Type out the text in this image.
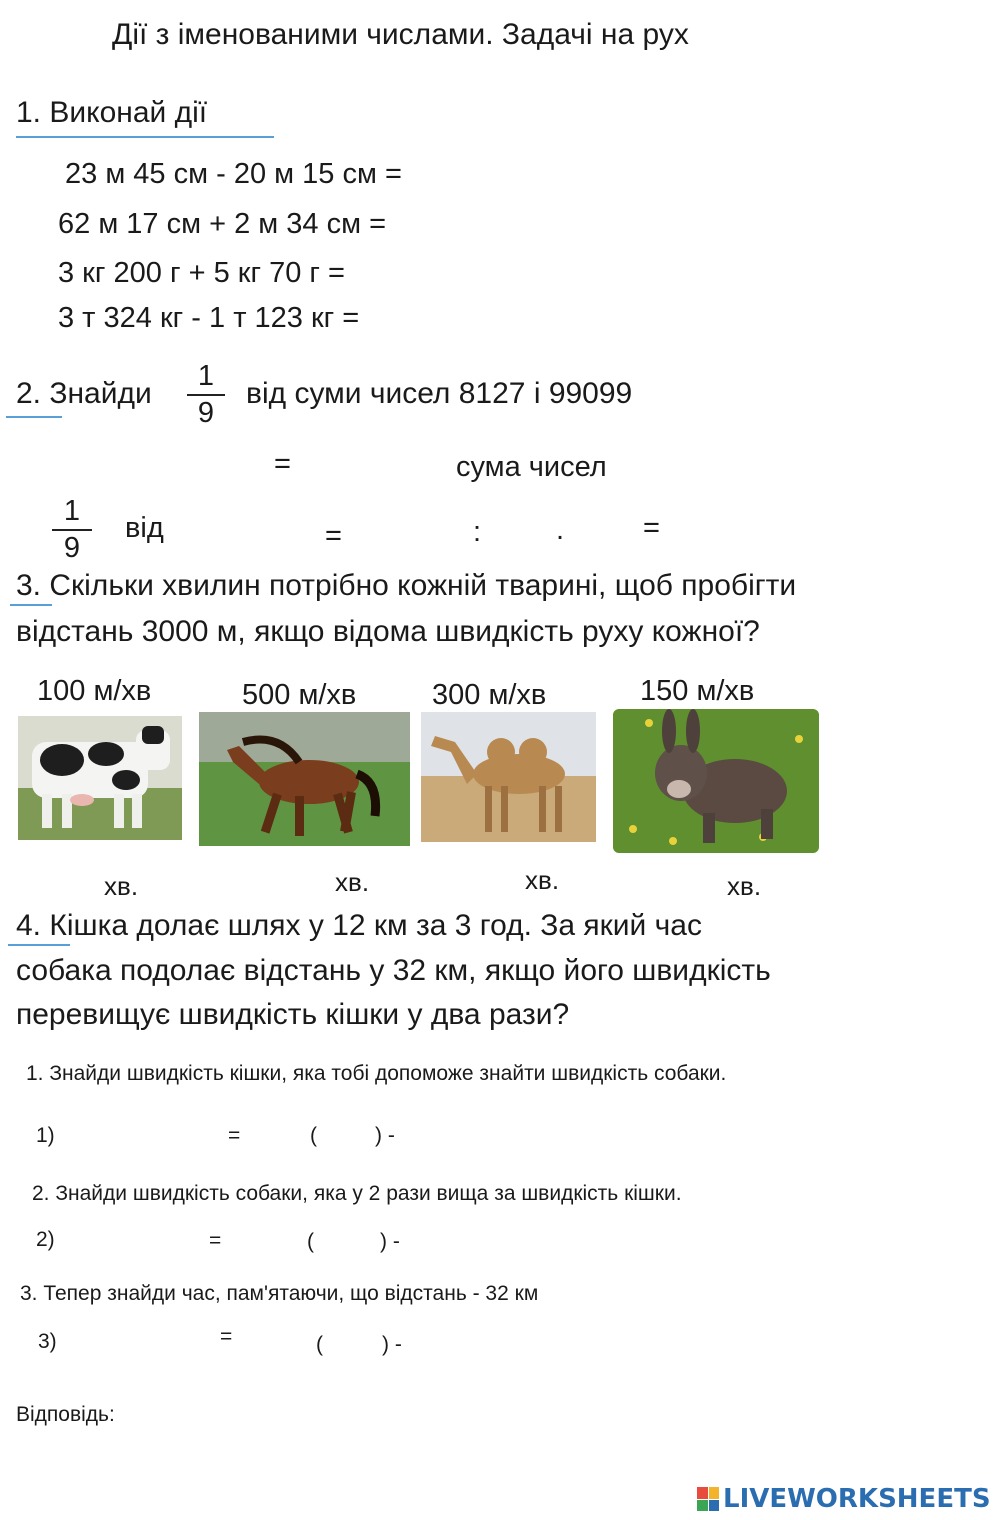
Дії з іменованими числами. Задачі на рух
1. Виконай дії
23 м 45 см - 20 м 15 см =
62 м 17 см + 2 м 34 см =
3 кг 200 г + 5 кг 70 г =
3 т 324 кг - 1 т 123 кг =
2. Знайди
1
9
від суми чисел 8127 і 99099
=	сума чисел
1
9
від	=	:	.	=
3. Скільки хвилин потрібно кожній тварині, щоб пробігти
відстань 3000 м, якщо відома швидкість руху кожної?
100 м/хв	500 м/хв	300 м/хв	150 м/хв
хв.	хв.	хв.	хв.
4. Кішка долає шлях у 12 км за 3 год. За який час
собака подолає відстань у 32 км, якщо його швидкість
перевищує швидкість кішки у два рази?
1. Знайди швидкість кішки, яка тобі допоможе знайти швидкість собаки.
1)	=	(	) -
2. Знайди швидкість собаки, яка у 2 рази вища за швидкість кішки.
2)	=	(	) -
3. Тепер знайди час, пам'ятаючи, що відстань - 32 км
3)	=	(	) -
Відповідь:
LIVEWORKSHEETS
